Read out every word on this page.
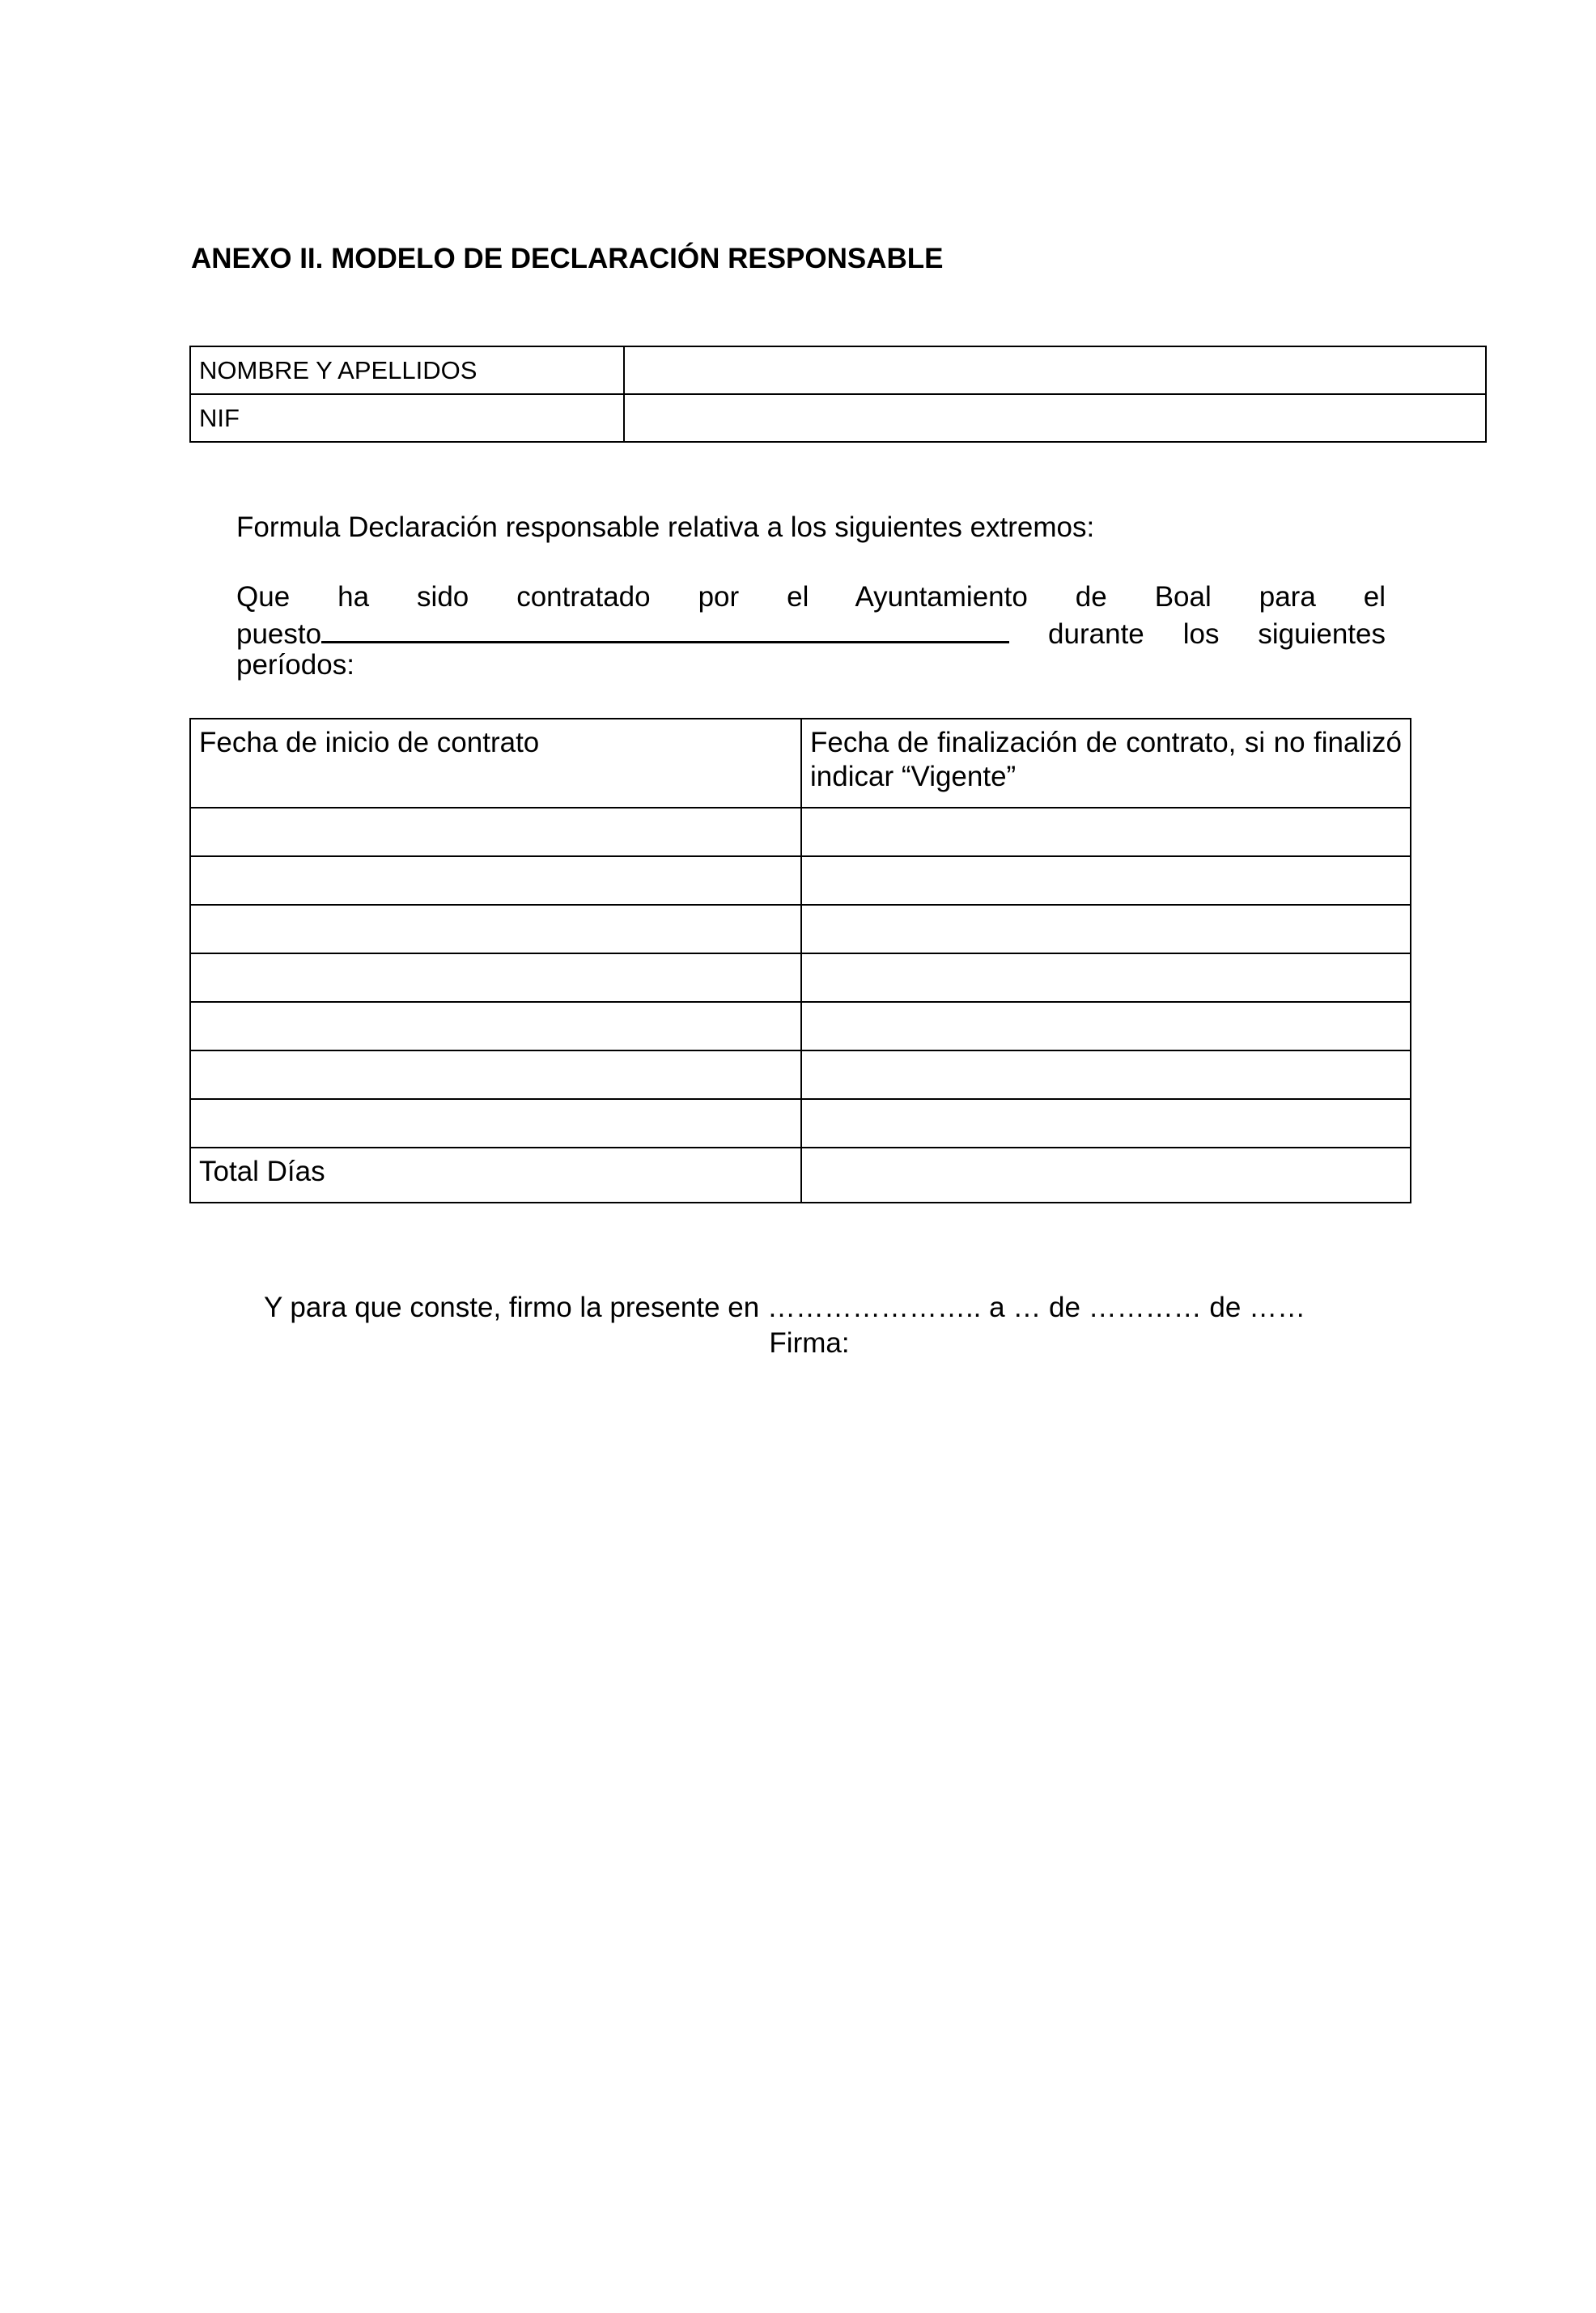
ANEXO II. MODELO DE DECLARACIÓN RESPONSABLE
NOMBRE Y APELLIDOS	
NIF	
Formula Declaración responsable relativa a los siguientes extremos:
Que ha sido contratado por el Ayuntamiento de Boal para el
puesto	durante los siguientes
períodos:
Fecha de inicio de contrato	Fecha de finalización de contrato, si no finalizó indicar “Vigente”

Total Días	
Y para que conste, firmo la presente en ………………….. a … de ………… de ……
Firma:
